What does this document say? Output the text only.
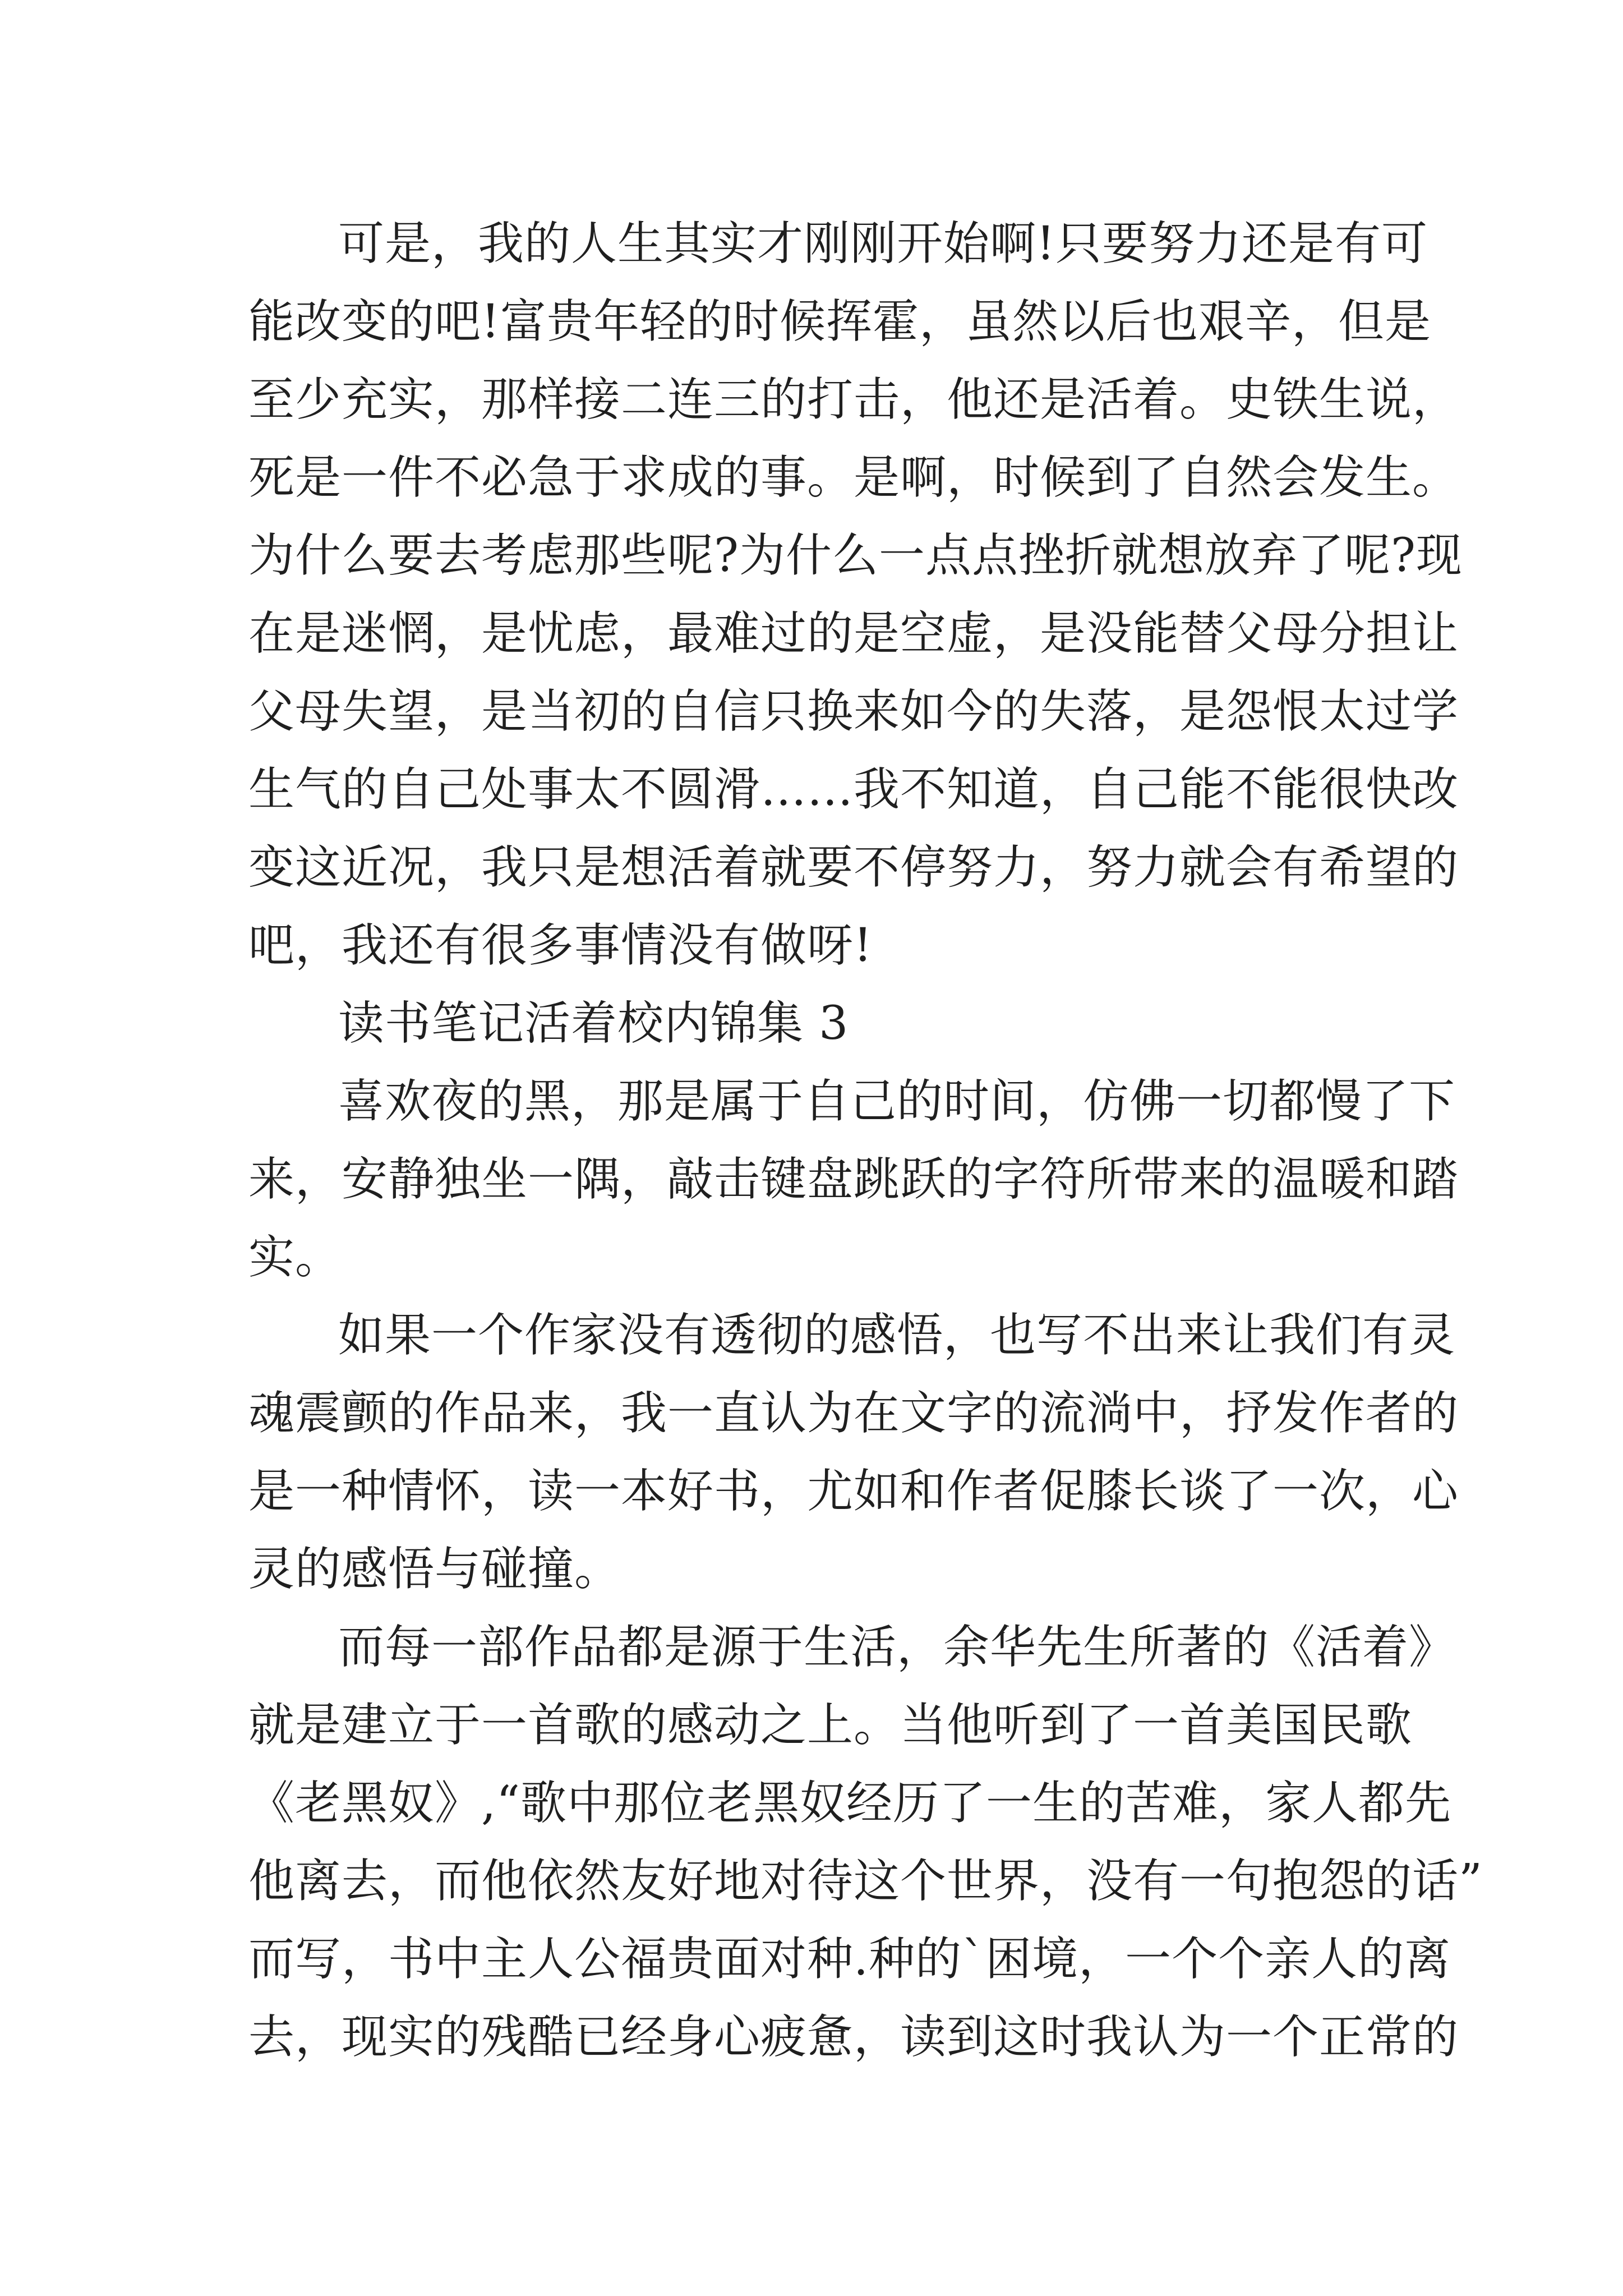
可是，我的人生其实才刚刚开始啊!只要努力还是有可
能改变的吧!富贵年轻的时候挥霍，虽然以后也艰辛，但是
至少充实，那样接二连三的打击，他还是活着。史铁生说，
死是一件不必急于求成的事。是啊，时候到了自然会发生。
为什么要去考虑那些呢?为什么一点点挫折就想放弃了呢?现
在是迷惘，是忧虑，最难过的是空虚，是没能替父母分担让
父母失望，是当初的自信只换来如今的失落，是怨恨太过学
生气的自己处事太不圆滑……我不知道，自己能不能很快改
变这近况，我只是想活着就要不停努力，努力就会有希望的
吧，我还有很多事情没有做呀!
读书笔记活着校内锦集 3
喜欢夜的黑，那是属于自己的时间，仿佛一切都慢了下
来，安静独坐一隅，敲击键盘跳跃的字符所带来的温暖和踏
实。
如果一个作家没有透彻的感悟，也写不出来让我们有灵
魂震颤的作品来，我一直认为在文字的流淌中，抒发作者的
是一种情怀，读一本好书，尤如和作者促膝长谈了一次，心
灵的感悟与碰撞。
而每一部作品都是源于生活，余华先生所著的《活着》
就是建立于一首歌的感动之上。当他听到了一首美国民歌
《老黑奴》,“歌中那位老黑奴经历了一生的苦难，家人都先
他离去，而他依然友好地对待这个世界，没有一句抱怨的话”
而写，书中主人公福贵面对种.种的`困境，一个个亲人的离
去，现实的残酷已经身心疲惫，读到这时我认为一个正常的
